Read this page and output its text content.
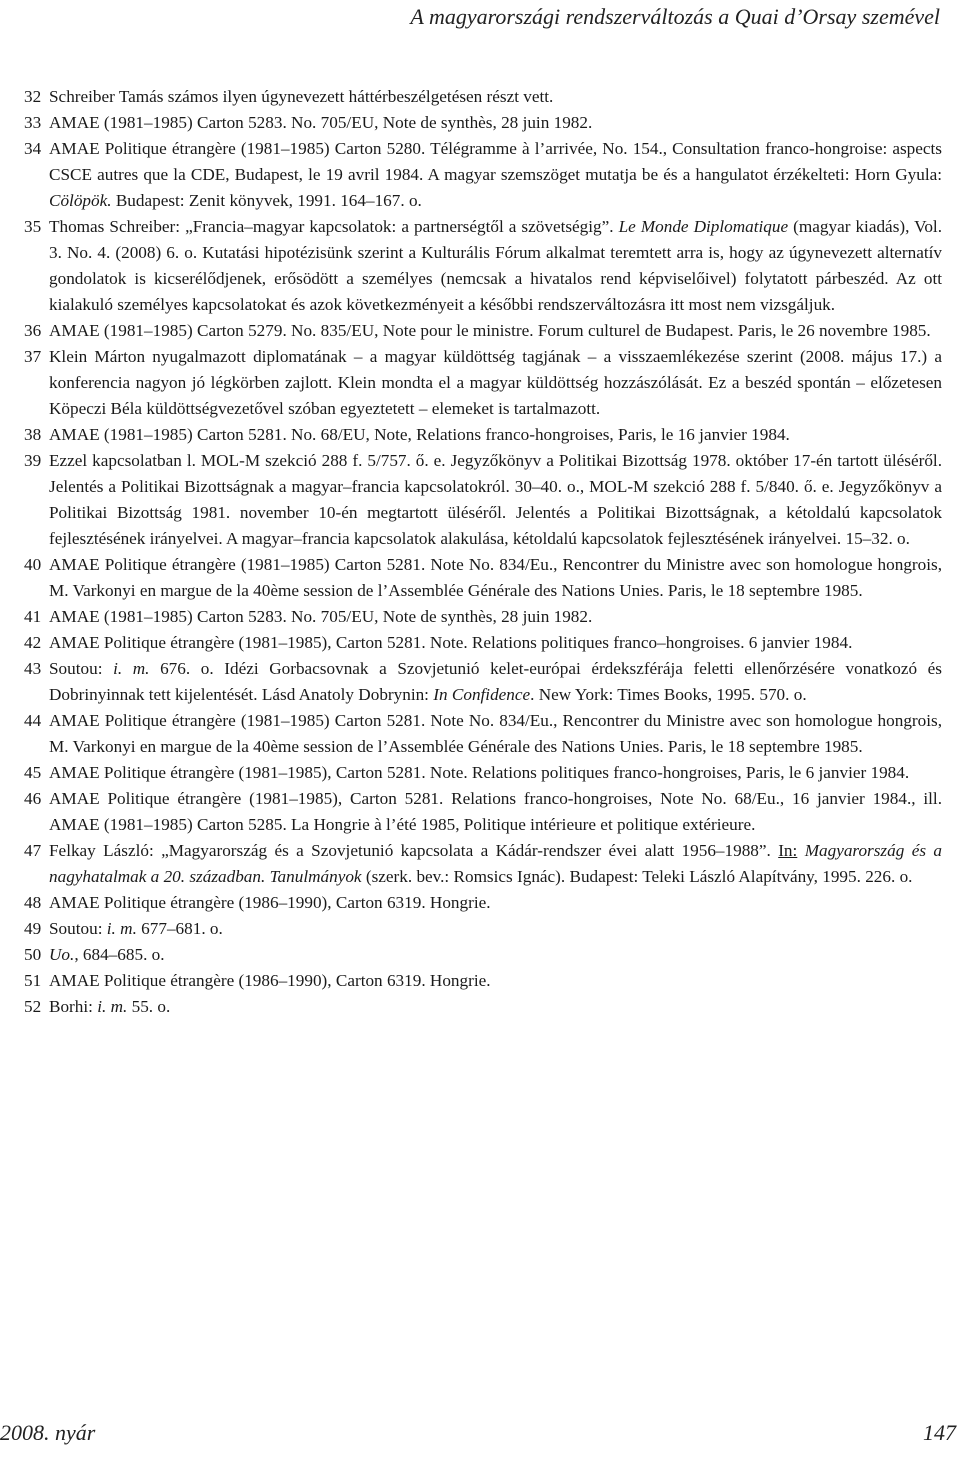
A magyarországi rendszerváltozás a Quai d’Orsay szemével
32 Schreiber Tamás számos ilyen úgynevezett háttérbeszélgetésen részt vett.
33 AMAE (1981–1985) Carton 5283. No. 705/EU, Note de synthès, 28 juin 1982.
34 AMAE Politique étrangère (1981–1985) Carton 5280. Télégramme à l’arrivée, No. 154., Consultation franco-hongroise: aspects CSCE autres que la CDE, Budapest, le 19 avril 1984. A magyar szemszöget mutatja be és a hangulatot érzékelteti: Horn Gyula: Cölöpök. Budapest: Zenit könyvek, 1991. 164–167. o.
35 Thomas Schreiber: „Francia–magyar kapcsolatok: a partnerségtől a szövetségig”. Le Monde Diplomatique (magyar kiadás), Vol. 3. No. 4. (2008) 6. o. Kutatási hipotézisünk szerint a Kulturális Fórum alkalmat teremtett arra is, hogy az úgynevezett alternatív gondolatok is kicserélődjenek, erősödött a személyes (nemcsak a hivatalos rend képviselőivel) folytatott párbeszéd. Az ott kialakuló személyes kapcsolatokat és azok következményeit a későbbi rendszerváltozásra itt most nem vizsgáljuk.
36 AMAE (1981–1985) Carton 5279. No. 835/EU, Note pour le ministre. Forum culturel de Budapest. Paris, le 26 novembre 1985.
37 Klein Márton nyugalmazott diplomatának – a magyar küldöttség tagjának – a visszaemlékezése szerint (2008. május 17.) a konferencia nagyon jó légkörben zajlott. Klein mondta el a magyar küldöttség hozzászólását. Ez a beszéd spontán – előzetesen Köpeczi Béla küldöttségvezetővel szóban egyeztetett – elemeket is tartalmazott.
38 AMAE (1981–1985) Carton 5281. No. 68/EU, Note, Relations franco-hongroises, Paris, le 16 janvier 1984.
39 Ezzel kapcsolatban l. MOL-M szekció 288 f. 5/757. ő. e. Jegyzőkönyv a Politikai Bizottság 1978. október 17-én tartott üléséről. Jelentés a Politikai Bizottságnak a magyar–francia kapcsolatokról. 30–40. o., MOL-M szekció 288 f. 5/840. ő. e. Jegyzőkönyv a Politikai Bizottság 1981. november 10-én megtartott üléséről. Jelentés a Politikai Bizottságnak, a kétoldalú kapcsolatok fejlesztésének irányelvei. A magyar–francia kapcsolatok alakulása, kétoldalú kapcsolatok fejlesztésének irányelvei. 15–32. o.
40 AMAE Politique étrangère (1981–1985) Carton 5281. Note No. 834/Eu., Rencontrer du Ministre avec son homologue hongrois, M. Varkonyi en margue de la 40ème session de l’Assemblée Générale des Nations Unies. Paris, le 18 septembre 1985.
41 AMAE (1981–1985) Carton 5283. No. 705/EU, Note de synthès, 28 juin 1982.
42 AMAE Politique étrangère (1981–1985), Carton 5281. Note. Relations politiques franco–hongroises. 6 janvier 1984.
43 Soutou: i. m. 676. o. Idézi Gorbacsovnak a Szovjetunió kelet-európai érdekszférája feletti ellenőrzésére vonatkozó és Dobrinyinnak tett kijelentését. Lásd Anatoly Dobrynin: In Confidence. New York: Times Books, 1995. 570. o.
44 AMAE Politique étrangère (1981–1985) Carton 5281. Note No. 834/Eu., Rencontrer du Ministre avec son homologue hongrois, M. Varkonyi en margue de la 40ème session de l’Assemblée Générale des Nations Unies. Paris, le 18 septembre 1985.
45 AMAE Politique étrangère (1981–1985), Carton 5281. Note. Relations politiques franco-hongroises, Paris, le 6 janvier 1984.
46 AMAE Politique étrangère (1981–1985), Carton 5281. Relations franco-hongroises, Note No. 68/Eu., 16 janvier 1984., ill. AMAE (1981–1985) Carton 5285. La Hongrie à l’été 1985, Politique intérieure et politique extérieure.
47 Felkay László: „Magyarország és a Szovjetunió kapcsolata a Kádár-rendszer évei alatt 1956–1988”. In: Magyarország és a nagyhatalmak a 20. században. Tanulmányok (szerk. bev.: Romsics Ignác). Budapest: Teleki László Alapítvány, 1995. 226. o.
48 AMAE Politique étrangère (1986–1990), Carton 6319. Hongrie.
49 Soutou: i. m. 677–681. o.
50 Uo., 684–685. o.
51 AMAE Politique étrangère (1986–1990), Carton 6319. Hongrie.
52 Borhi: i. m. 55. o.
2008. nyár	147
